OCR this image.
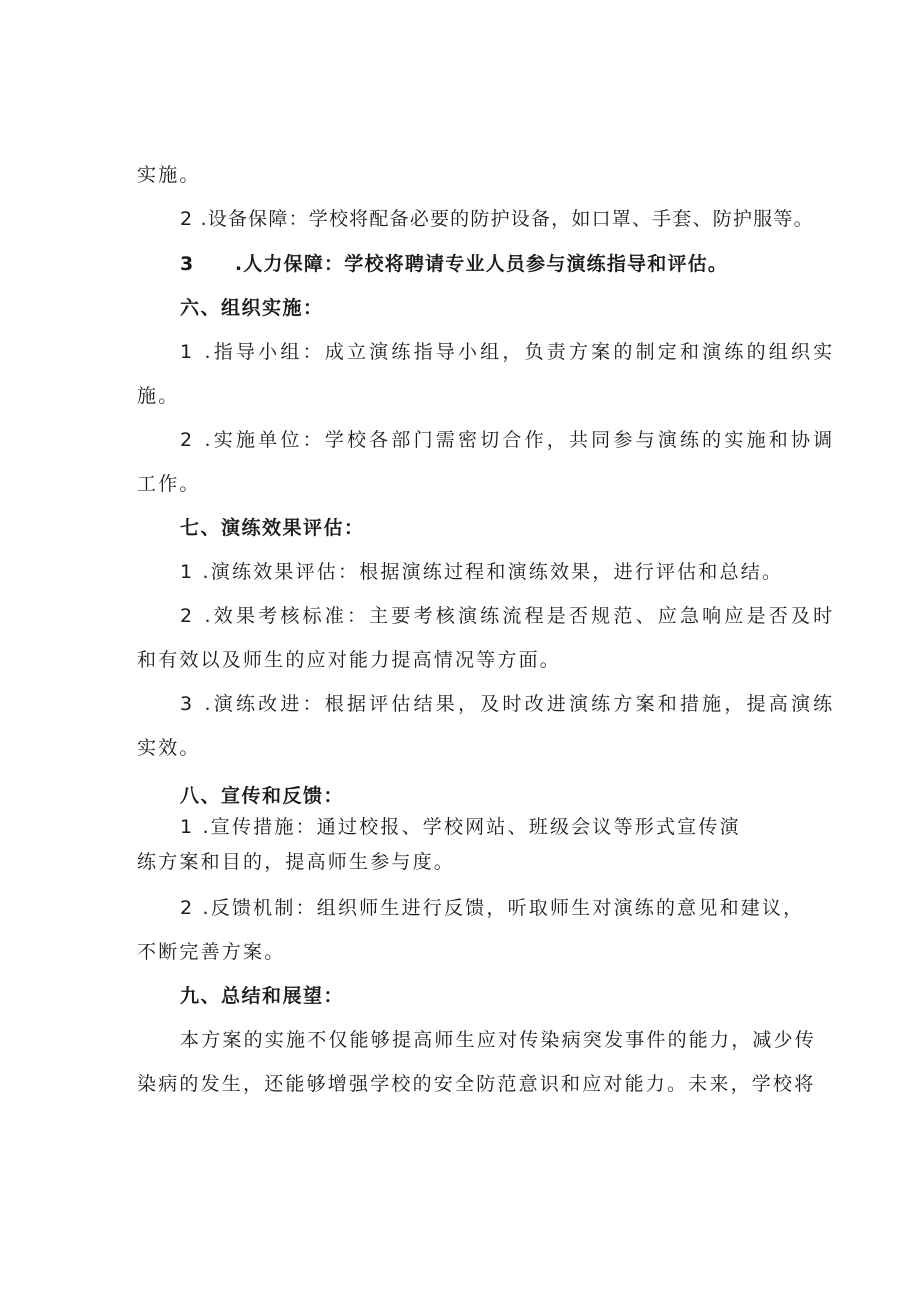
实施。
2 .设备保障：学校将配备必要的防护设备，如口罩、手套、防护服等。
3　　.人力保障：学校将聘请专业人员参与演练指导和评估。
六、组织实施：
1 .指导小组：成立演练指导小组，负责方案的制定和演练的组织实
施。
2 .实施单位：学校各部门需密切合作，共同参与演练的实施和协调
工作。
七、演练效果评估：
1 .演练效果评估：根据演练过程和演练效果，进行评估和总结。
2 .效果考核标准：主要考核演练流程是否规范、应急响应是否及时
和有效以及师生的应对能力提高情况等方面。
3 .演练改进：根据评估结果，及时改进演练方案和措施，提高演练
实效。
八、宣传和反馈：
1 .宣传措施：通过校报、学校网站、班级会议等形式宣传演
练方案和目的，提高师生参与度。
2 .反馈机制：组织师生进行反馈，听取师生对演练的意见和建议，
不断完善方案。
九、总结和展望：
本方案的实施不仅能够提高师生应对传染病突发事件的能力，减少传
染病的发生，还能够增强学校的安全防范意识和应对能力。未来，学校将
